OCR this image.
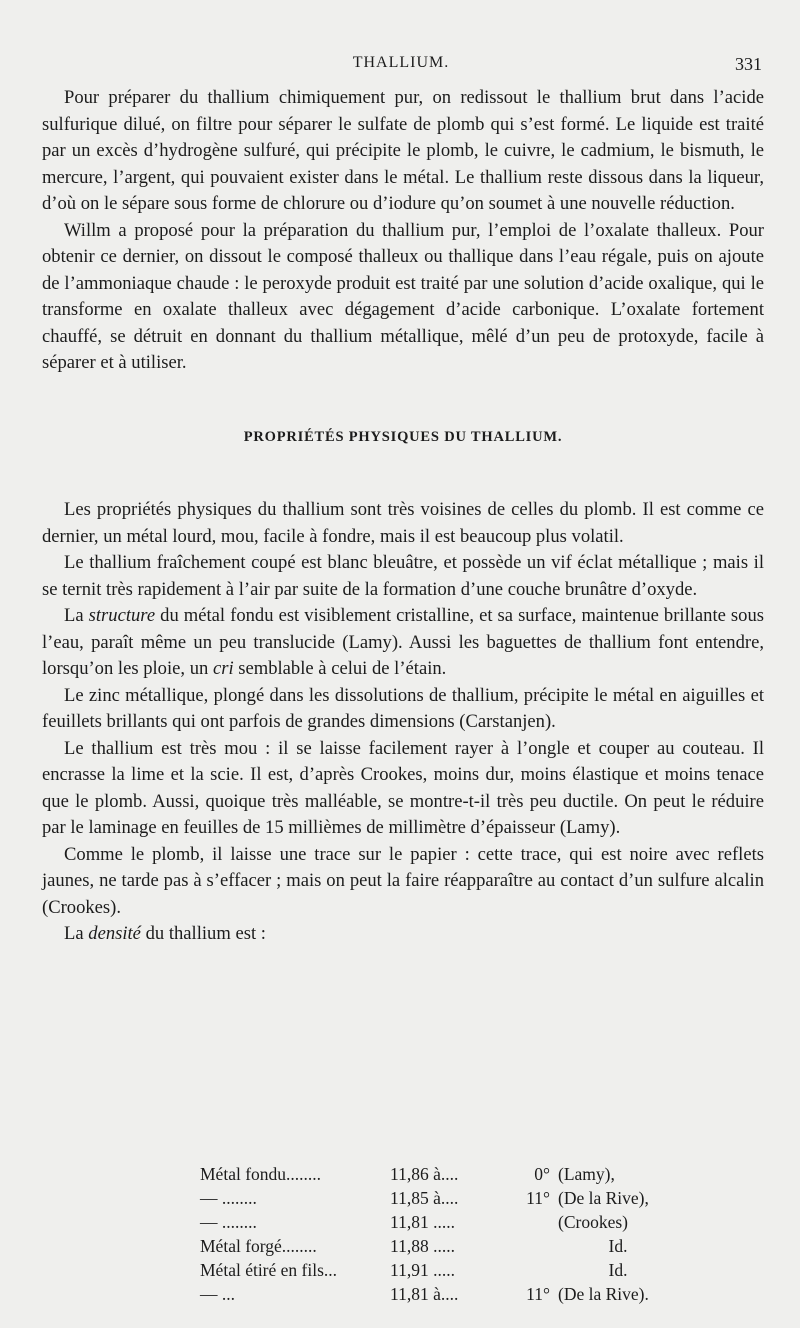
THALLIUM.	331

Pour préparer du thallium chimiquement pur, on redissout le thallium brut dans l’acide sulfurique dilué, on filtre pour séparer le sulfate de plomb qui s’est formé. Le liquide est traité par un excès d’hydrogène sulfuré, qui précipite le plomb, le cuivre, le cadmium, le bismuth, le mercure, l’argent, qui pouvaient exister dans le métal. Le thallium reste dissous dans la liqueur, d’où on le sépare sous forme de chlorure ou d’iodure qu’on soumet à une nouvelle réduction.

Willm a proposé pour la préparation du thallium pur, l’emploi de l’oxalate thalleux. Pour obtenir ce dernier, on dissout le composé thalleux ou thallique dans l’eau régale, puis on ajoute de l’ammoniaque chaude : le peroxyde produit est traité par une solution d’acide oxalique, qui le transforme en oxalate thalleux avec dégagement d’acide carbonique. L’oxalate fortement chauffé, se détruit en donnant du thallium métallique, mêlé d’un peu de protoxyde, facile à séparer et à utiliser.

PROPRIÉTÉS PHYSIQUES DU THALLIUM.

Les propriétés physiques du thallium sont très voisines de celles du plomb. Il est comme ce dernier, un métal lourd, mou, facile à fondre, mais il est beaucoup plus volatil.

Le thallium fraîchement coupé est blanc bleuâtre, et possède un vif éclat métallique ; mais il se ternit très rapidement à l’air par suite de la formation d’une couche brunâtre d’oxyde.

La structure du métal fondu est visiblement cristalline, et sa surface, maintenue brillante sous l’eau, paraît même un peu translucide (Lamy). Aussi les baguettes de thallium font entendre, lorsqu’on les ploie, un cri semblable à celui de l’étain.

Le zinc métallique, plongé dans les dissolutions de thallium, précipite le métal en aiguilles et feuillets brillants qui ont parfois de grandes dimensions (Carstanjen).

Le thallium est très mou : il se laisse facilement rayer à l’ongle et couper au couteau. Il encrasse la lime et la scie. Il est, d’après Crookes, moins dur, moins élastique et moins tenace que le plomb. Aussi, quoique très malléable, se montre-t-il très peu ductile. On peut le réduire par le laminage en feuilles de 15 millièmes de millimètre d’épaisseur (Lamy).

Comme le plomb, il laisse une trace sur le papier : cette trace, qui est noire avec reflets jaunes, ne tarde pas à s’effacer ; mais on peut la faire réapparaître au contact d’un sulfure alcalin (Crookes).

La densité du thallium est :

Métal fondu........	11,86 à....	0°	(Lamy),
— ........	11,85 à....	11°	(De la Rive),
— ........	11,81 .....		(Crookes)
Métal forgé........	11,88 .....		Id.
Métal étiré en fils...	11,91 .....		Id.
— ...	11,81 à....	11°	(De la Rive).
